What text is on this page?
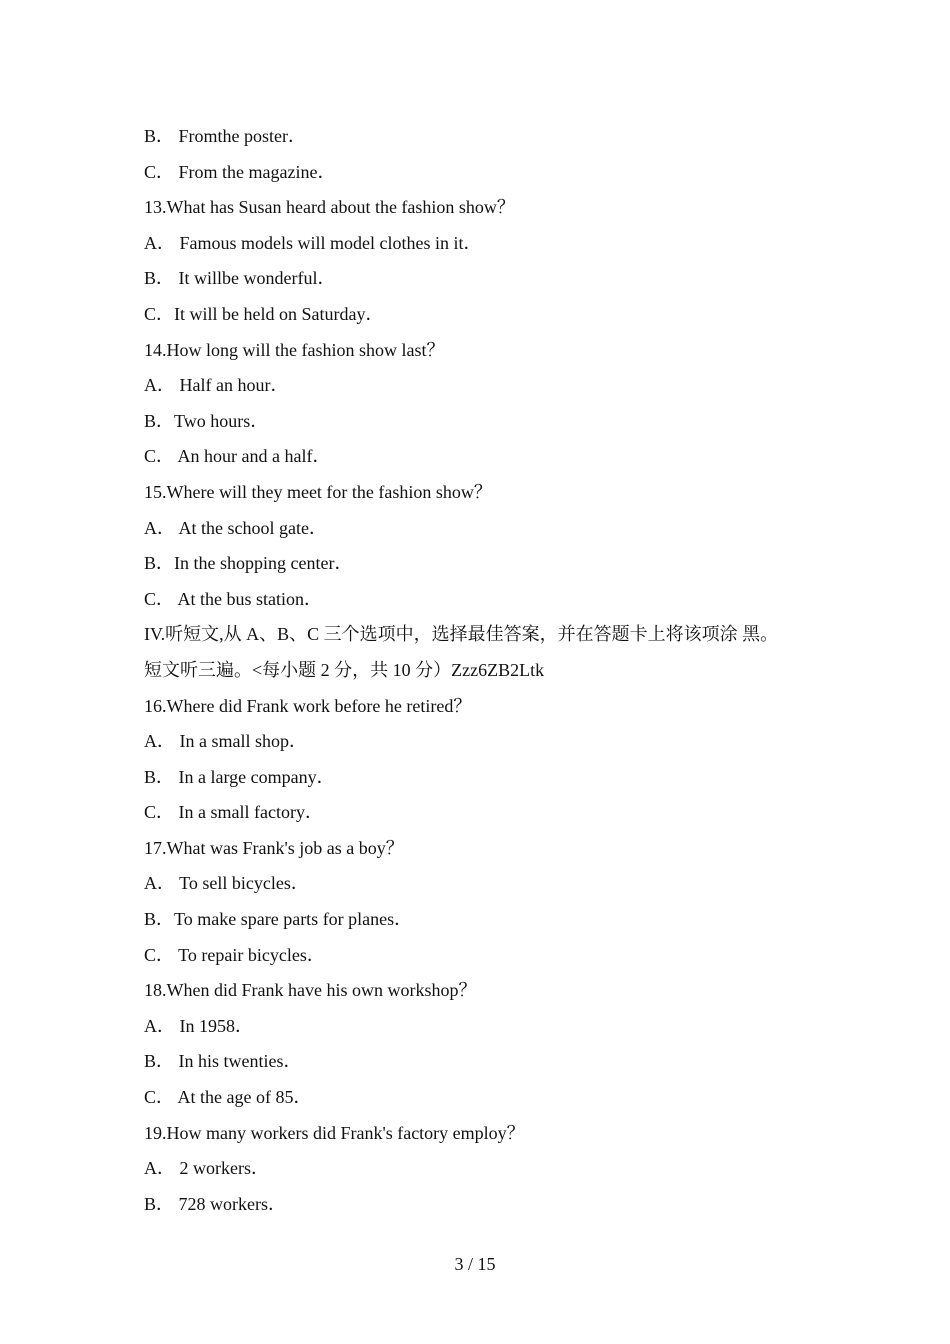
B． Fromthe poster．
C． From the magazine．
13.What has Susan heard about the fashion show？
A． Famous models will model clothes in it．
B． It willbe wonderful．
C．It will be held on Saturday．
14.How long will the fashion show last？
A． Half an hour．
B．Two hours．
C． An hour and a half．
15.Where will they meet for the fashion show？
A． At the school gate．
B．In the shopping center．
C． At the bus station．
IV.听短文,从 A、B、C 三个选项中，选择最佳答案，并在答题卡上将该项涂 黑。
短文听三遍。<每小题 2 分，共 10 分）Zzz6ZB2Ltk
16.Where did Frank work before he retired？
A． In a small shop．
B． In a large company．
C． In a small factory．
17.What was Frank's job as a boy？
A． To sell bicycles．
B．To make spare parts for planes．
C． To repair bicycles．
18.When did Frank have his own workshop？
A． In 1958．
B． In his twenties．
C． At the age of 85．
19.How many workers did Frank's factory employ？
A． 2 workers．
B． 728 workers．
3 / 15
